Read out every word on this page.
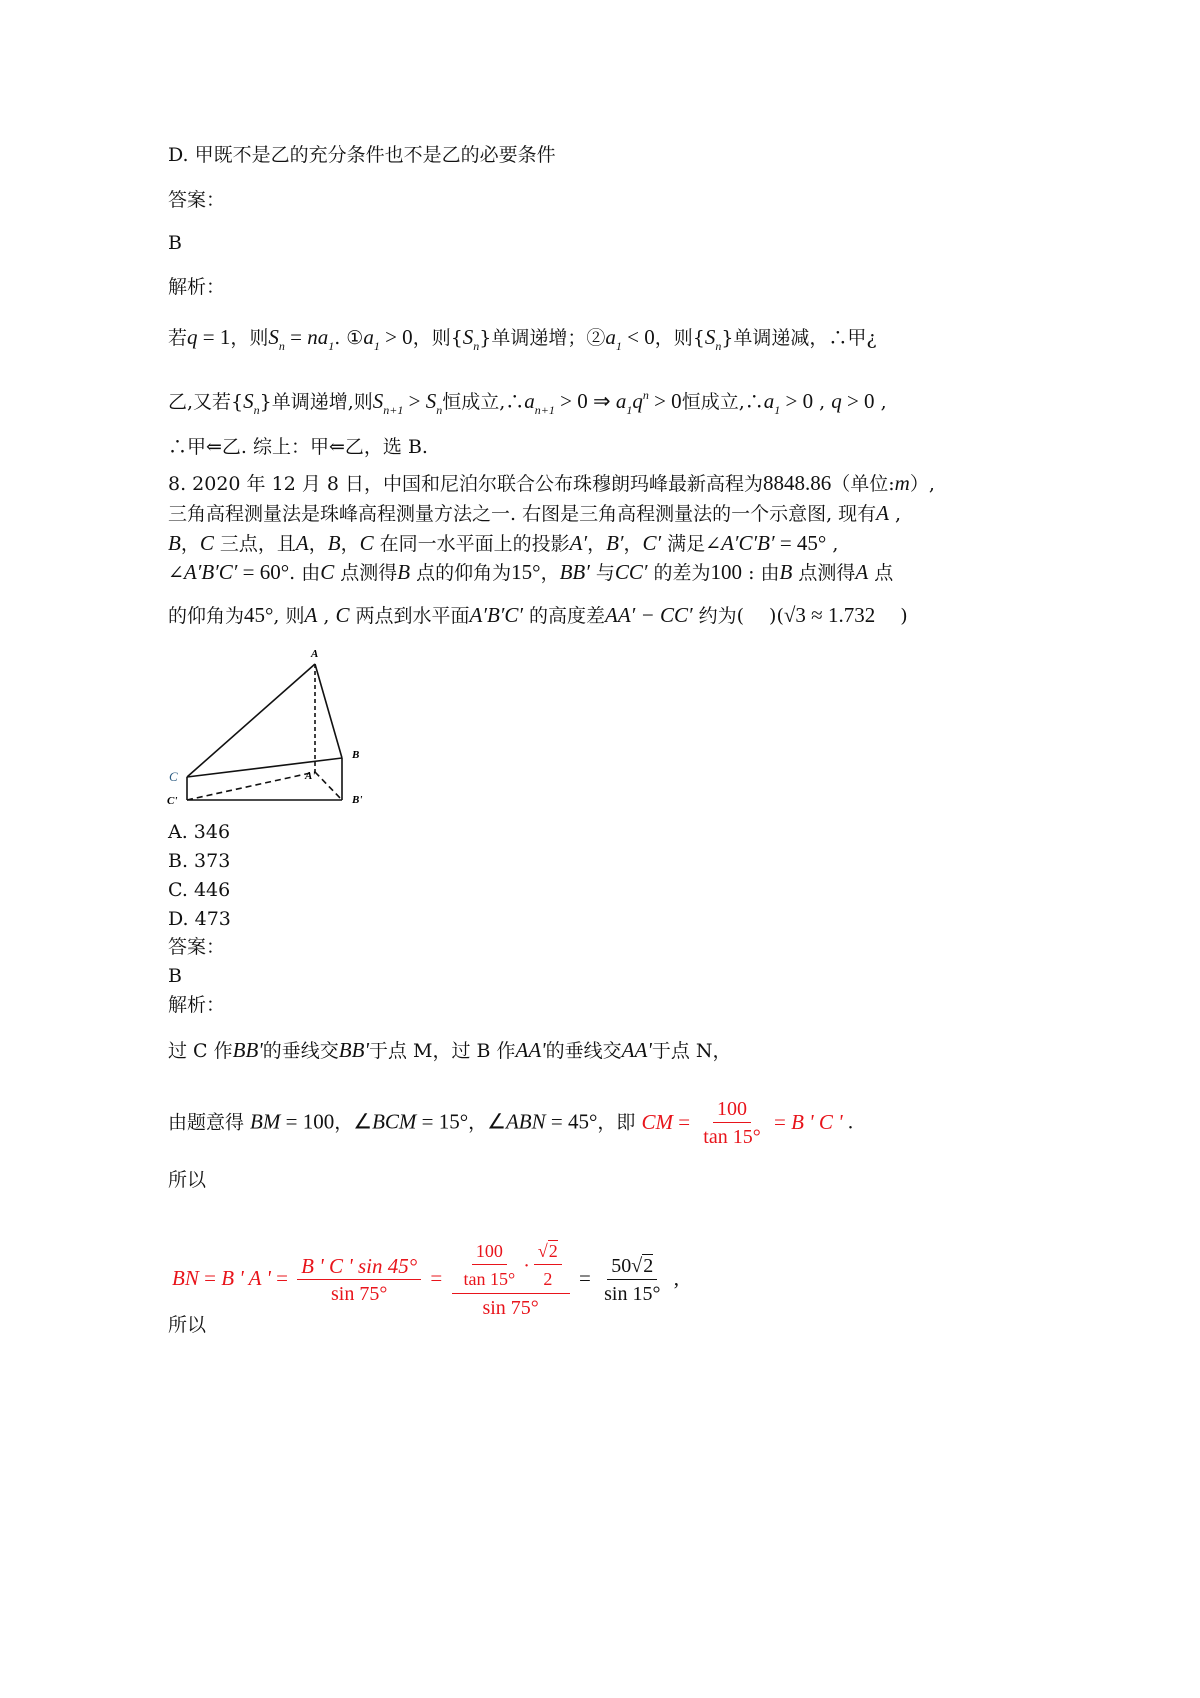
D. 甲既不是乙的充分条件也不是乙的必要条件
答案：
B
解析：
若q = 1，则$S_n = na_1$. $①a_1 > 0$，则$\{S_n\}$单调递增；$②a_1 < 0$，则$\{S_n\}$单调递减，∴甲¿
乙,又若$\{S_n\}$单调递增,则$S_{n+1} > S_n$恒成立$,\therefore a_{n+1} > 0$ ⇒ $a_1q^n > 0$恒成立$,\therefore a_1 > 0$ , q > 0 ,
∴甲⇐乙. 综上：甲⇐乙，选 B.
8. 2020 年 12 月 8 日，中国和尼泊尔联合公布珠穆朗玛峰最新高程为8848.86（单位:m）,
三角高程测量法是珠峰高程测量方法之一. 右图是三角高程测量法的一个示意图, 现有A ,
B，C 三点，且A，B，C 在同一水平面上的投影A′，B′，C′ 满足∠A′C′B′ = 45° ,
∠A′B′C′ = 60°. 由C 点测得B 点的仰角为15°，BB′ 与CC′ 的差为100 : 由B 点测得A 点
的仰角为45°, 则A , C 两点到水平面A′B′C′ 的高度差AA′ − CC′ 约为(　 )(√3 ≈ 1.732　 )
A. 346
B. 373
C. 446
D. 473
答案：
B
解析：
过 C 作BB'的垂线交BB'于点 M，过 B 作AA'的垂线交AA'于点 N，
所以
所以
由题意得 BM = 100，∠BCM = 15°，∠ABN = 45°，即 CM = $\frac{100}{\tan 15^\circ} = B$ ' C ' .
BN = B ' A ' = $\frac{B ' C ' \sin 45^\circ}{\sin 75^\circ} = \frac{\frac{100}{\tan 15^\circ} \cdot \frac{√2}{2}}{\sin 75^\circ} = \frac{50√2}{\sin 15^\circ}$ ,
A
B
C	A'
B'
C'
